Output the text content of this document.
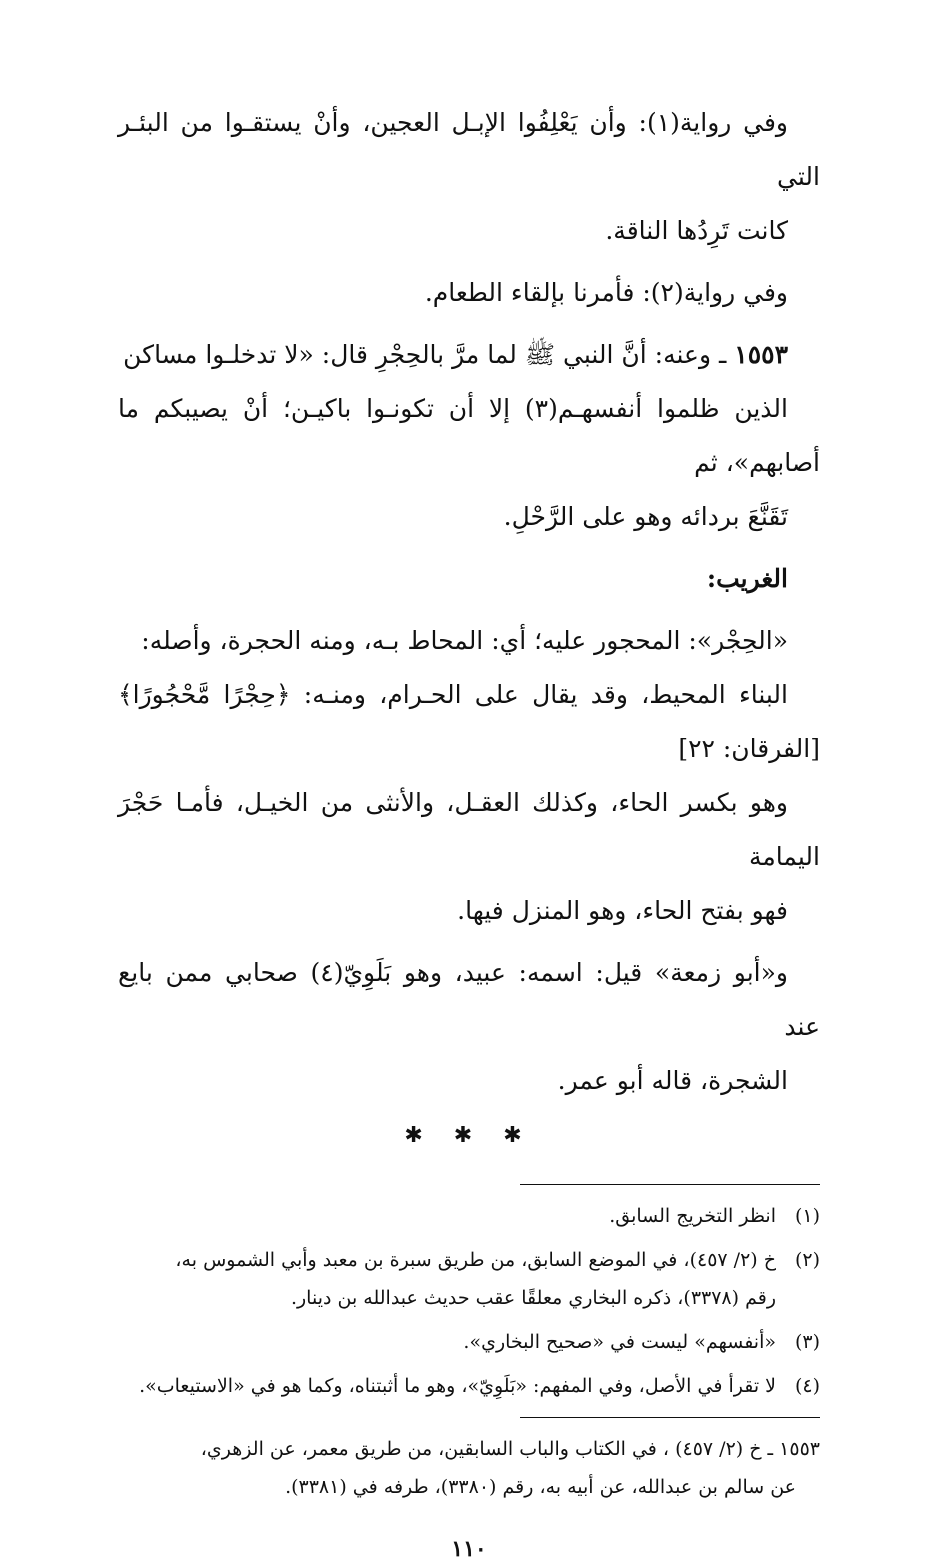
وفي رواية(١): وأن يَعْلِفُوا الإبـل العجين، وأنْ يستقـوا من البئـر التي
كانت تَرِدُها الناقة.
وفي رواية(٢): فأمرنا بإلقاء الطعام.
١٥٥٣ ـ وعنه: أنَّ النبي ﷺ لما مرَّ بالحِجْرِ قال: «لا تدخلـوا مساكن
الذين ظلموا أنفسهـم(٣) إلا أن تكونـوا باكيـن؛ أنْ يصيبكم ما أصابهم»، ثم
تَقَنَّعَ بردائه وهو على الرَّحْلِ.
الغريب:
«الحِجْر»: المحجور عليه؛ أي: المحاط بـه، ومنه الحجرة، وأصله:
البناء المحيط، وقد يقال على الحـرام، ومنـه: ﴿حِجْرًا مَّحْجُورًا﴾[الفرقان: ٢٢]
وهو بكسر الحاء، وكذلك العقـل، والأنثى من الخيـل، فأمـا حَجْرَ اليمامة
فهو بفتح الحاء، وهو المنزل فيها.
و«أبو زمعة» قيل: اسمه: عبيد، وهو بَلَوِيّ(٤) صحابي ممن بايع عند
الشجرة، قاله أبو عمر.
✱ ✱ ✱
(١)
انظر التخريج السابق.
(٢)
خ (٢/ ٤٥٧)، في الموضع السابق، من طريق سبرة بن معبد وأبي الشموس به،
رقم (٣٣٧٨)، ذكره البخاري معلقًا عقب حديث عبدالله بن دينار.
(٣)
«أنفسهم» ليست في «صحيح البخاري».
(٤)
لا تقرأ في الأصل، وفي المفهم: «بَلَوِيّ»، وهو ما أثبتناه، وكما هو في «الاستيعاب».
١٥٥٣ ـ خ (٢/ ٤٥٧) ، في الكتاب والباب السابقين، من طريق معمر، عن الزهري،
عن سالم بن عبدالله، عن أبيه به، رقم (٣٣٨٠)، طرفه في (٣٣٨١).
١١٠
